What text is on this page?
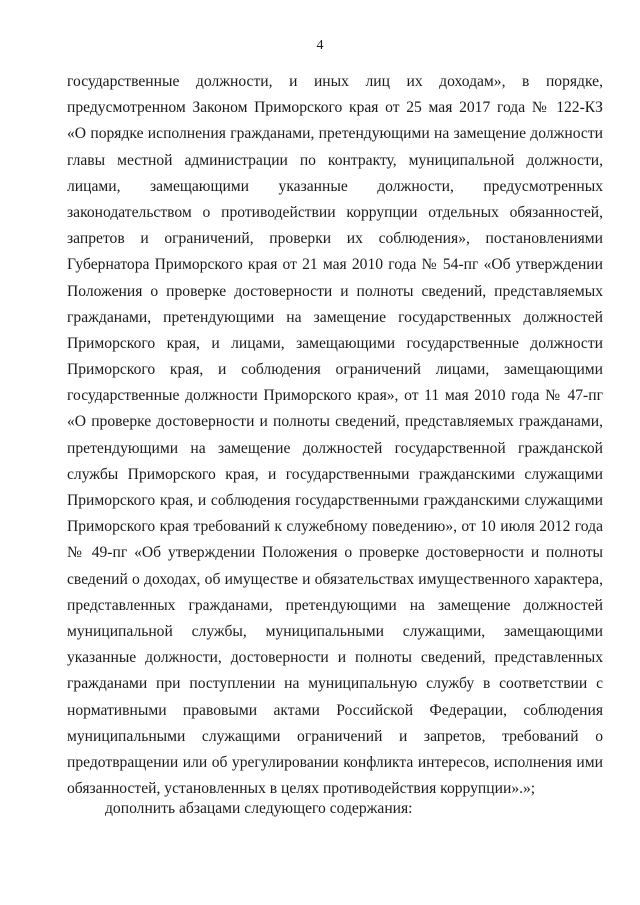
4
государственные должности, и иных лиц их доходам», в порядке,
предусмотренном Законом Приморского края от 25 мая 2017 года № 122-КЗ
«О порядке исполнения гражданами, претендующими на замещение должности
главы местной администрации по контракту, муниципальной должности,
лицами, замещающими указанные должности, предусмотренных
законодательством о противодействии коррупции отдельных обязанностей,
запретов и ограничений, проверки их соблюдения», постановлениями
Губернатора Приморского края от 21 мая 2010 года № 54-пг «Об утверждении
Положения о проверке достоверности и полноты сведений, представляемых
гражданами, претендующими на замещение государственных должностей
Приморского края, и лицами, замещающими государственные должности
Приморского края, и соблюдения ограничений лицами, замещающими
государственные должности Приморского края», от 11 мая 2010 года № 47-пг
«О проверке достоверности и полноты сведений, представляемых гражданами,
претендующими на замещение должностей государственной гражданской
службы Приморского края, и государственными гражданскими служащими
Приморского края, и соблюдения государственными гражданскими служащими
Приморского края требований к служебному поведению», от 10 июля 2012 года
№ 49-пг «Об утверждении Положения о проверке достоверности и полноты
сведений о доходах, об имуществе и обязательствах имущественного характера,
представленных гражданами, претендующими на замещение должностей
муниципальной службы, муниципальными служащими, замещающими
указанные должности, достоверности и полноты сведений, представленных
гражданами при поступлении на муниципальную службу в соответствии с
нормативными правовыми актами Российской Федерации, соблюдения
муниципальными служащими ограничений и запретов, требований о
предотвращении или об урегулировании конфликта интересов, исполнения ими
обязанностей, установленных в целях противодействия коррупции».»;
дополнить абзацами следующего содержания:
